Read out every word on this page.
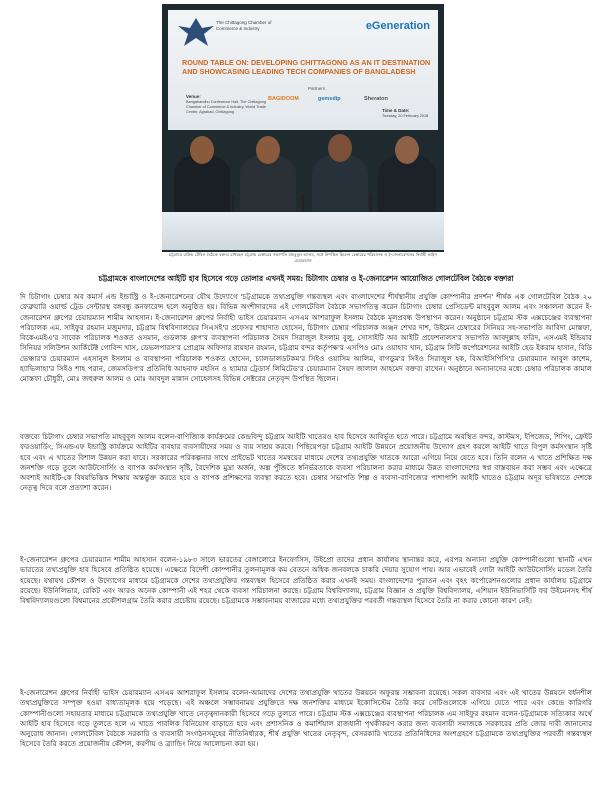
The Chittagong Chamber of Commerce & Industry	eGeneration
ROUND TABLE ON: DEVELOPING CHITTAGONG AS AN IT DESTINATION AND SHOWCASING LEADING TECH COMPANIES OF BANGLADESH
Partners
BAGIDOOM	gemsdip	Sheraton
Venue:
Bangabandhu Conference Hall, The Chittagong Chamber of Commerce & Industry, World Trade Center, Agrabad, Chittagong	Time & Date:
Tuesday, 20 February 2018
চট্টগ্রামে রাউন্ড টেবিল বৈঠকে বক্তব্য রাখছেন চট্টগ্রাম চেম্বারের সভাপতি মাহবুবুল আলম, সঙ্গে উপস্থিত ছিলেন চেম্বারের পরিচালক ও ই-জেনারেশনের নির্বাহী ভাইস চেয়ারম্যান
চট্টগ্রামকে বাংলাদেশের আইটি হাব হিসেবে গড়ে তোলার এখনই সময়: চিটাগাং চেম্বার ও ই-জেনারেশন আয়োজিত গোলটেবিল বৈঠকে বক্তারা

দি চিটাগাং চেম্বার অব কমার্স এন্ড ইন্ডাস্ট্রি ও ই-জেনারেশনের যৌথ উদ্যোগে 'চট্টগ্রামকে তথ্যপ্রযুক্তি গন্তব্যস্থল এবং বাংলাদেশের শীর্ষস্থানীয় প্রযুক্তি কোম্পানীর প্রদর্শন' শীর্ষক এক গোলটেবিল বৈঠক ২০ ফেব্রুয়ারি ওয়ার্ল্ড ট্রেড সেন্টারস্থ বঙ্গবন্ধু কনফারেন্স হলে অনুষ্ঠিত হয়। বিভিন্ন অংশীদারদের এই গোলটেবিল বৈঠকে সভাপতিত্ব করেন চিটাগাং চেম্বার প্রেসিডেন্ট মাহবুবুল আলম এবং সঞ্চালনা করেন ই-জেনারেশন গ্রুপের চেয়ারম্যান শামীম আহসান। ই-জেনারেশন গ্রুপের নির্বাহী ভাইস চেয়ারম্যান এসএম আশরাফুল ইসলাম বৈঠকে মূলপ্রবন্ধ উপস্থাপন করেন। অনুষ্ঠানে চট্টগ্রাম স্টক এক্সচেঞ্জের ব্যবস্থাপনা পরিচালক এম. সাইফুর রহমান মজুমদার, চট্টগ্রাম বিশ্ববিদ্যালয়ের সিএসই'র প্রফেসর শাহাদাত হোসেন, চিটাগাং চেম্বার পরিচালক অঞ্জন শেখর দাশ, উইমেন চেম্বারের সিনিয়র সহ-সভাপতি আবিদা মোস্তফা, বিকেএমইএ'র সাবেক পরিচালক শওকত ওসমান, গুডলাক গ্রুপ'র ব্যবস্থাপনা পরিচালক সৈয়দ সিরাজুল ইসলাম বুলু, সোসাইটি অব আইটি প্রফেশনালস'র সভাপতি আবদুল্লাহ ফরিদ, এসএমই ইন্ডিয়ার সিনিয়র সলিউশন আর্কিটেক্ট গোবিন্দ খাস, ডেভলপারস'র প্রোগ্রাম অফিসার রায়হান রহমান, চট্টগ্রাম বন্দর কর্তৃপক্ষ'র এসপিও মোঃ ওয়াহাব খান, চট্টগ্রাম সিটি কর্পোরেশনের আইটি হেড ইকরাম হাসান, বিডি ভেঞ্চার'র চেয়ারম্যান এহসানুল ইসলাম ও ব্যবস্থাপনা পরিচালক শওকত হোসেন, চ্যালডালডটকম'র সিইও ওয়াসিম আলিম, বাগডুম'র সিইও সিরাজুল হক, বিআইসিপিসি'র চেয়ারম্যান আবুল কাশেম, হ্যাভিলাহা'র সিইও শাহ পরান, জেমসডিপ'র প্রতিনিধি আহনাফ মহসিন ও হ্যামার ট্রেডার্স লিমিটেড'র চেয়ারম্যান সৈয়দ জালাল আহমেদ বক্তব্য রাখেন। অনুষ্ঠানে অন্যান্যদের মধ্যে চেম্বার পরিচালক কামাল মোস্তফা চৌধুরী, মোঃ জহুরুল আলম ও মোঃ আবদুল মান্নান সোহেলসহ বিভিন্ন সেক্টরের নেতৃবৃন্দ উপস্থিত ছিলেন।

বক্তব্যে চিটাগাং চেম্বার সভাপতি মাহবুবুল আলম বলেন-বাণিজ্যিক কার্যক্রমের কেন্দ্রবিন্দু চট্টগ্রাম আইটি খাতেরও হাব হিসেবে আবির্ভূত হতে পারে। চট্টগ্রামে অবস্থিত বন্দর, কাস্টমস, ইপিজেড, শিপিং, ফ্রেইট ফরওয়ার্ডিং, সিএন্ডএফ ইন্ডাস্ট্রি কার্যক্রমে আইটির ব্যবহার ব্যবসায়ীদের সময় ও ব্যয় সাশ্রয় করবে। পিছিয়েপড়া চট্টগ্রাম আইটি উন্নয়নে প্রয়োজনীয় উদ্যোগ গ্রহণ করলে আইটি খাতে বিপুল কর্মসংস্থান সৃষ্টি হবে এবং এ খাতের বিশাল উন্নয়ন করা যাবে। সরকারের পরিকল্পনার সাথে প্রাইভেট খাতের সমন্বয়ের মাধ্যমে দেশের তথ্যপ্রযুক্তি খাতকে আরো এগিয়ে নিয়ে যেতে হবে। তিনি বলেন এ খাতে প্রশিক্ষিত দক্ষ জনশক্তি গড়ে তুলে আউটসোর্সিং ও ব্যাপক কর্মসংস্থান সৃষ্টি, বৈদেশিক মুদ্রা অর্জন, অল্প পুঁজিতে স্বনির্ভরতাকে ব্যবসা পরিচালনা করার মাধ্যমে উন্নত বাংলাদেশের স্বপ্ন বাস্তবায়ন করা সম্ভব এবং এক্ষেত্রে অবশ্যই আইটি-কে বিষয়ভিত্তিক শিক্ষায় অন্তর্ভুক্ত করতে হবে ও ব্যাপক প্রশিক্ষণের ব্যবস্থা করতে হবে। চেম্বার সভাপতি শিল্প ও ব্যবসা-বাণিজ্যের পাশাপাশি আইটি খাতেও চট্টগ্রাম অদূর ভবিষ্যতে দেশকে নেতৃত্ব দিবে বলে প্রত্যাশা করেন।

ই-জেনারেশন গ্রুপের চেয়ারম্যান শামীম আহসান বলেন-১৯৮৩ সালে ভারতের বেঙ্গালোরে ইনফোসিস, উইপ্রো তাদের প্রধান কার্যালয় স্থানান্তর করে, এরপর অন্যান্য প্রযুক্তি কোম্পানীগুলো স্থানটি এখন ভারতের তথ্যপ্রযুক্তি হাব হিসেবে প্রতিষ্ঠিত হয়েছে। এক্ষেত্রে বিদেশী কোম্পানীর তুলনামূলক কম বেতনে অধিক জনবলকে চাকরি দেয়ার সুযোগ পায়। আর এভাবেই গোটা আইটি আউটসোর্সিং মডেল তৈরি হয়েছে। যথাযথ কৌশল ও উদ্যোগের মাধ্যমে চট্টগ্রামকে দেশের তথ্যপ্রযুক্তির গন্তব্যস্থল হিসেবে প্রতিষ্ঠিত করার এখনই সময়। বাংলাদেশের পুরাতন এবং বৃহৎ কর্পোরেশনগুলোর প্রধান কার্যালয় চট্টগ্রামে রয়েছে। ইউনিলিভার, রেকিট এবং আরও অনেক কোম্পানী এই শহর থেকে ব্যবসা পরিচালনা করছে। চট্টগ্রাম বিশ্ববিদ্যালয়, চট্টগ্রাম বিজ্ঞান ও প্রযুক্তি বিশ্ববিদ্যালয়, এশিয়ান ইউনিভার্সিটি ফর উইমেনসহ শীর্ষ বিশ্ববিদ্যালয়গুলো বিশ্বমানের প্রকৌশলগ্রাম তৈরি করার প্রচেষ্টায় রয়েছে। চট্টগ্রামকে সম্ভাবনাময় বাজারের মধ্যে তথ্যপ্রযুক্তির পরবর্তী গন্তব্যস্থল হিসেবে তৈরি না করার কোনো কারণ নেই।

ই-জেনারেশন গ্রুপের নির্বাহী ভাইস চেয়ারম্যান এসএম আশরাফুল ইসলাম বলেন-আমাদের দেশের তথ্যপ্রযুক্তি খাতের উন্নয়নে অফুরন্ত সম্ভাবনা রয়েছে। সকল ব্যবসার এবং এই খাতের উন্নয়নে বর্ধনশীল তথ্যপ্রযুক্তিতে সম্পৃক্ত হওয়া বাধ্যতামূলক হয়ে পড়েছে। এই অঞ্চলে সম্ভাবনাময় প্রযুক্তিতে দক্ষ জনশক্তির মাধ্যমে ইকোসিস্টেম তৈরি করে সেটিগুলোকে এগিয়ে যেতে পারে এবং কেন্দ্রে কারিগরি কোম্পানীগুলো সহায়তার মাধ্যমে চট্টগ্রামকে তথ্যপ্রযুক্তি খাতে নেতৃত্বদানকারী হিসেবে গড়ে তুলতে পারে। চট্টগ্রাম স্টক এক্সচেঞ্জের ব্যবস্থাপনা পরিচালক এম সাইফুর রহমান বলেন-চট্টগ্রামকে সত্যিকার অর্থে আইটি হাব হিসেবে গড়ে তুলতে হলে এ খাতে পাবলিক বিনিয়োগ বাড়াতে হবে এবং প্রশাসনিক ও কমার্শিয়াল রাজধানী পৃথকীকরণ করার জন্য ব্যবসায়ী সমাজকে সরকারের প্রতি জোর দাবী জানানোর অনুরোধ জানান। গোলটেবিল বৈঠকে সরকারি ও ব্যবসায়ী সংগঠনসমূহের নীতিনির্ধারক, শীর্ষ প্রযুক্তি খাতের নেতৃবৃন্দ, বেসরকারি খাতের প্রতিনিধিদের অংশগ্রহণে চট্টগ্রামকে তথ্যপ্রযুক্তির পরবর্তী গন্তব্যস্থল হিসেবে তৈরি করতে প্রয়োজনীয় কৌশল, করণীয় ও ব্র্যান্ডিং নিয়ে আলোচনা করা হয়।
